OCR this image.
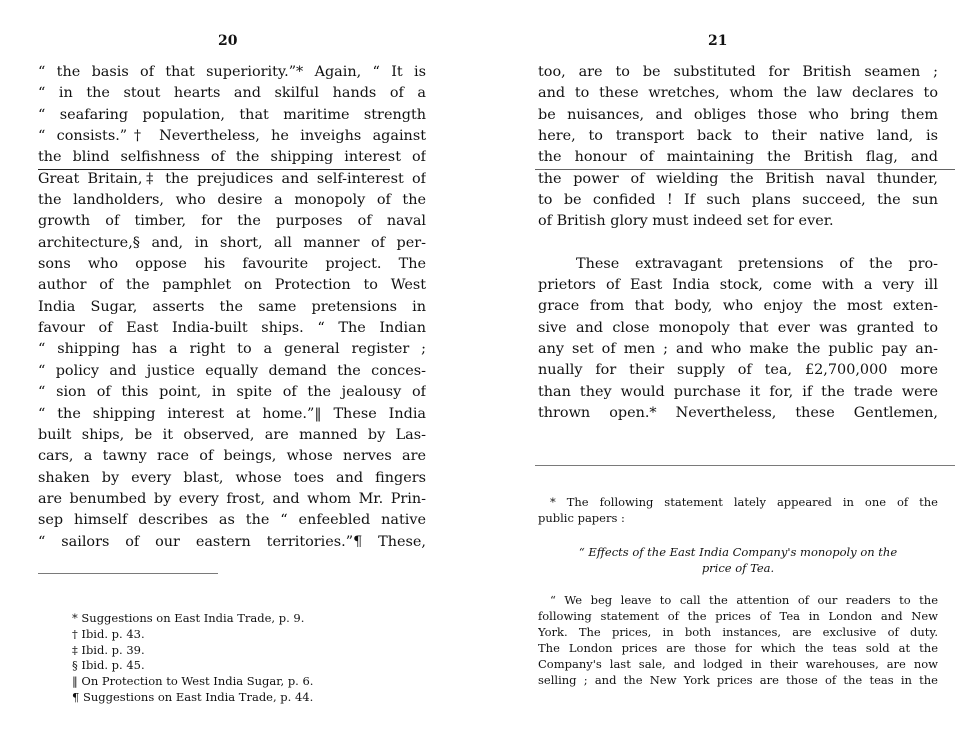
20
“ the basis of that superiority.”* Again, “ It is
“ in the stout hearts and skilful hands of a
“ seafaring population, that maritime strength
“ consists.”† Nevertheless, he inveighs against
the blind selfishness of the shipping interest of
Great Britain,‡ the prejudices and self-interest of
the landholders, who desire a monopoly of the
growth of timber, for the purposes of naval
architecture,§ and, in short, all manner of per-
sons who oppose his favourite project. The
author of the pamphlet on Protection to West
India Sugar, asserts the same pretensions in
favour of East India-built ships. “ The Indian
“ shipping has a right to a general register ;
“ policy and justice equally demand the conces-
“ sion of this point, in spite of the jealousy of
“ the shipping interest at home.”‖ These India
built ships, be it observed, are manned by Las-
cars, a tawny race of beings, whose nerves are
shaken by every blast, whose toes and fingers
are benumbed by every frost, and whom Mr. Prin-
sep himself describes as the “ enfeebled native
“ sailors of our eastern territories.”¶ These,
* Suggestions on East India Trade, p. 9.
† Ibid. p. 43.
‡ Ibid. p. 39.
§ Ibid. p. 45.
‖ On Protection to West India Sugar, p. 6.
¶ Suggestions on East India Trade, p. 44.
21
too, are to be substituted for British seamen ;
and to these wretches, whom the law declares to
be nuisances, and obliges those who bring them
here, to transport back to their native land, is
the honour of maintaining the British flag, and
the power of wielding the British naval thunder,
to be confided ! If such plans succeed, the sun
of British glory must indeed set for ever.
These extravagant pretensions of the pro-
prietors of East India stock, come with a very ill
grace from that body, who enjoy the most exten-
sive and close monopoly that ever was granted to
any set of men ; and who make the public pay an-
nually for their supply of tea, £2,700,000 more
than they would purchase it for, if the trade were
thrown open.* Nevertheless, these Gentlemen,
* The following statement lately appeared in one of the
public papers :
“ Effects of the East India Company's monopoly on the
price of Tea.
“ We beg leave to call the attention of our readers to the
following statement of the prices of Tea in London and New
York. The prices, in both instances, are exclusive of duty.
The London prices are those for which the teas sold at the
Company's last sale, and lodged in their warehouses, are now
selling ; and the New York prices are those of the teas in the
